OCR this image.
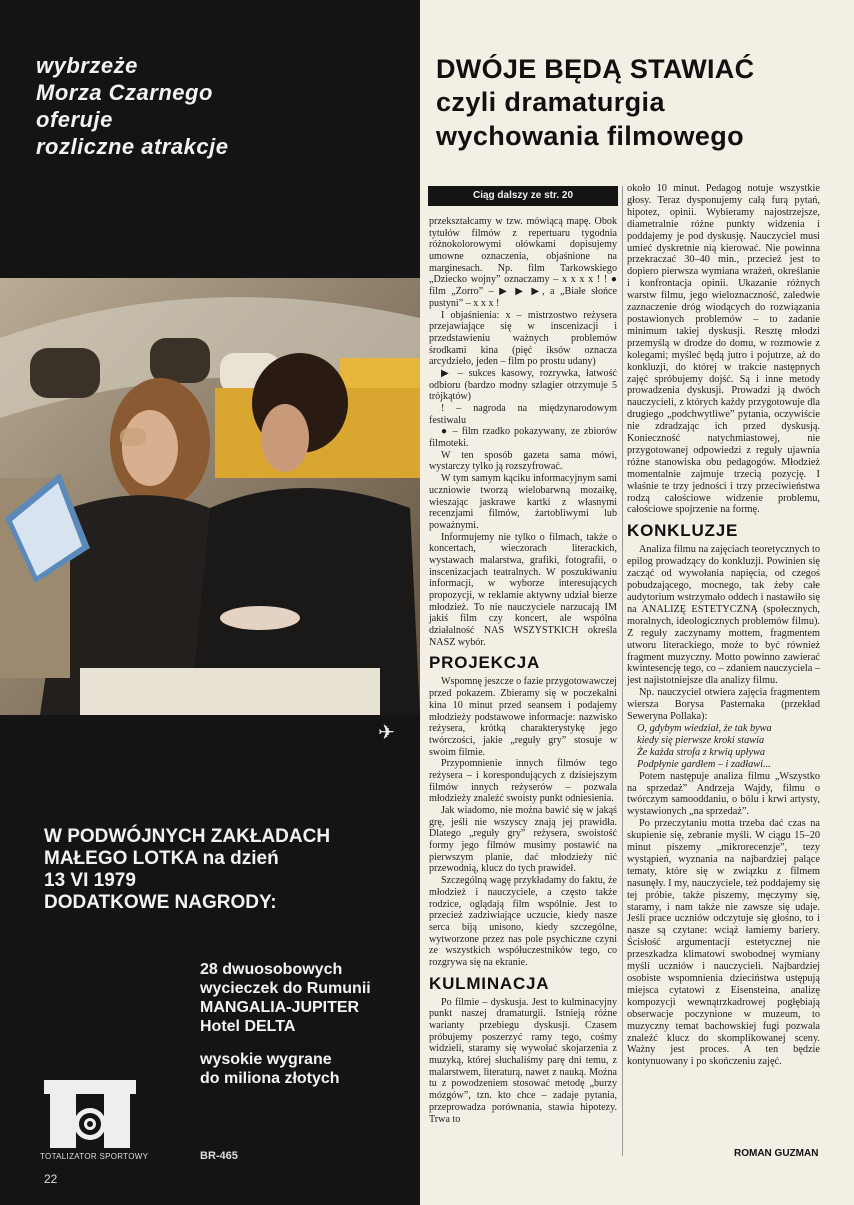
wybrzeże
Morza Czarnego
oferuje
rozliczne atrakcje
✈
W PODWÓJNYCH ZAKŁADACH
MAŁEGO LOTKA na dzień
13 VI 1979
DODATKOWE NAGRODY:
28 dwuosobowych
wycieczek do Rumunii
MANGALIA-JUPITER
Hotel DELTA
wysokie wygrane
do miliona złotych
TOTALIZATOR SPORTOWY	BR-465
22
DWÓJE BĘDĄ STAWIAĆ
czyli dramaturgia
wychowania filmowego
Ciąg dalszy ze str. 20

przekształcamy w tzw. mówiącą mapę. Obok tytułów filmów z repertuaru tygodnia różnokolorowymi ołówkami dopisujemy umowne oznaczenia, objaśnione na marginesach. Np. film Tarkowskiego „Dziecko wojny” oznaczamy – x x x x ! ! ● film „Zorro” – ▶ ▶ ▶, a „Białe słońce pustyni” – x x x !

I objaśnienia: x – mistrzostwo reżysera przejawiające się w inscenizacji i przedstawieniu ważnych problemów środkami kina (pięć iksów oznacza arcydzieło, jeden – film po prostu udany)

▶ – sukces kasowy, rozrywka, łatwość odbioru (bardzo modny szlagier otrzymuje 5 trójkątów)

! – nagroda na międzynarodowym festiwalu

● – film rzadko pokazywany, ze zbiorów filmoteki.

W ten sposób gazeta sama mówi, wystarczy tylko ją rozszyfrować.

W tym samym kąciku informacyjnym sami uczniowie tworzą wielobarwną mozaikę, wieszając jaskrawe kartki z własnymi recenzjami filmów, żartobliwymi lub poważnymi.

Informujemy nie tylko o filmach, także o koncertach, wieczorach literackich, wystawach malarstwa, grafiki, fotografii, o inscenizacjach teatralnych. W poszukiwaniu informacji, w wyborze interesujących propozycji, w reklamie aktywny udział bierze młodzież. To nie nauczyciele narzucają IM jakiś film czy koncert, ale wspólna działalność NAS WSZYSTKICH określa NASZ wybór.

PROJEKCJA

Wspomnę jeszcze o fazie przygotowawczej przed pokazem. Zbieramy się w poczekalni kina 10 minut przed seansem i podajemy młodzieży podstawowe informacje: nazwisko reżysera, krótką charakterystykę jego twórczości, jakie „reguły gry” stosuje w swoim filmie.

Przypomnienie innych filmów tego reżysera – i korespondujących z dzisiejszym filmów innych reżyserów – pozwala młodzieży znaleźć swoisty punkt odniesienia.

Jak wiadomo, nie można bawić się w jakąś grę, jeśli nie wszyscy znają jej prawidła. Dlatego „reguły gry” reżysera, swoistość formy jego filmów musimy postawić na pierwszym planie, dać młodzieży nić przewodnią, klucz do tych prawideł.

Szczególną wagę przykładamy do faktu, że młodzież i nauczyciele, a często także rodzice, oglądają film wspólnie. Jest to przecież zadziwiające uczucie, kiedy nasze serca biją unisono, kiedy szczególne, wytworzone przez nas pole psychiczne czyni ze wszystkich współuczestników tego, co rozgrywa się na ekranie.

KULMINACJA

Po filmie – dyskusja. Jest to kulminacyjny punkt naszej dramaturgii. Istnieją różne warianty przebiegu dyskusji. Czasem próbujemy poszerzyć ramy tego, cośmy widzieli, staramy się wywołać skojarzenia z muzyką, której słuchaliśmy parę dni temu, z malarstwem, literaturą, nawet z nauką. Można tu z powodzeniem stosować metodę „burzy mózgów”, tzn. kto chce – zadaje pytania, przeprowadza porównania, stawia hipotezy. Trwa to

około 10 minut. Pedagog notuje wszystkie głosy. Teraz dysponujemy całą furą pytań, hipotez, opinii. Wybieramy najostrzejsze, diametralnie różne punkty widzenia i poddajemy je pod dyskusję. Nauczyciel musi umieć dyskretnie nią kierować. Nie powinna przekraczać 30–40 min., przecież jest to dopiero pierwsza wymiana wrażeń, określanie i konfrontacja opinii. Ukazanie różnych warstw filmu, jego wieloznaczność, zaledwie zaznaczenie dróg wiodących do rozwiązania postawionych problemów – to zadanie minimum takiej dyskusji. Resztę młodzi przemyślą w drodze do domu, w rozmowie z kolegami; myśleć będą jutro i pojutrze, aż do konkluzji, do której w trakcie następnych zajęć spróbujemy dojść. Są i inne metody prowadzenia dyskusji. Prowadzi ją dwóch nauczycieli, z których każdy przygotowuje dla drugiego „podchwytliwe” pytania, oczywiście nie zdradzając ich przed dyskusją. Konieczność natychmiastowej, nie przygotowanej odpowiedzi z reguły ujawnia różne stanowiska obu pedagogów. Młodzież momentalnie zajmuje trzecią pozycję. I właśnie te trzy jedności i trzy przeciwieństwa rodzą całościowe widzenie problemu, całościowe spojrzenie na formę.

KONKLUZJE

Analiza filmu na zajęciach teoretycznych to epilog prowadzący do konkluzji. Powinien się zacząć od wywołania napięcia, od czegoś pobudzającego, mocnego, tak żeby całe audytorium wstrzymało oddech i nastawiło się na ANALIZĘ ESTETYCZNĄ (społecznych, moralnych, ideologicznych problemów filmu). Z reguły zaczynamy mottem, fragmentem utworu literackiego, może to być również fragment muzyczny. Motto powinno zawierać kwintesencję tego, co – zdaniem nauczyciela – jest najistotniejsze dla analizy filmu.

Np. nauczyciel otwiera zajęcia fragmentem wiersza Borysa Pasternaka (przekład Seweryna Pollaka):

O, gdybym wiedział, że tak bywa

kiedy się pierwsze kroki stawia

Że każda strofa z krwią upływa

Podpłynie gardłem – i zadławi...

Potem następuje analiza filmu „Wszystko na sprzedaż” Andrzeja Wajdy, filmu o twórczym samooddaniu, o bólu i krwi artysty, wystawionych „na sprzedaż”.

Po przeczytaniu motta trzeba dać czas na skupienie się, zebranie myśli. W ciągu 15–20 minut piszemy „mikrorecenzje”, tezy wystąpień, wyznania na najbardziej palące tematy, które się w związku z filmem nasunęły. I my, nauczyciele, też poddajemy się tej próbie, także piszemy, męczymy się, staramy, i nam także nie zawsze się udaje. Jeśli prace uczniów odczytuje się głośno, to i nasze są czytane: wciąż łamiemy bariery. Ścisłość argumentacji estetycznej nie przeszkadza klimatowi swobodnej wymiany myśli uczniów i nauczycieli. Najbardziej osobiste wspomnienia dzieciństwa ustępują miejsca cytatowi z Eisensteina, analizę kompozycji wewnątrzkadrowej pogłębiają obserwacje poczynione w muzeum, to muzyczny temat bachowskiej fugi pozwala znaleźć klucz do skomplikowanej sceny. Ważny jest proces. A ten będzie kontynuowany i po skończeniu zajęć.

ROMAN GUZMAN
